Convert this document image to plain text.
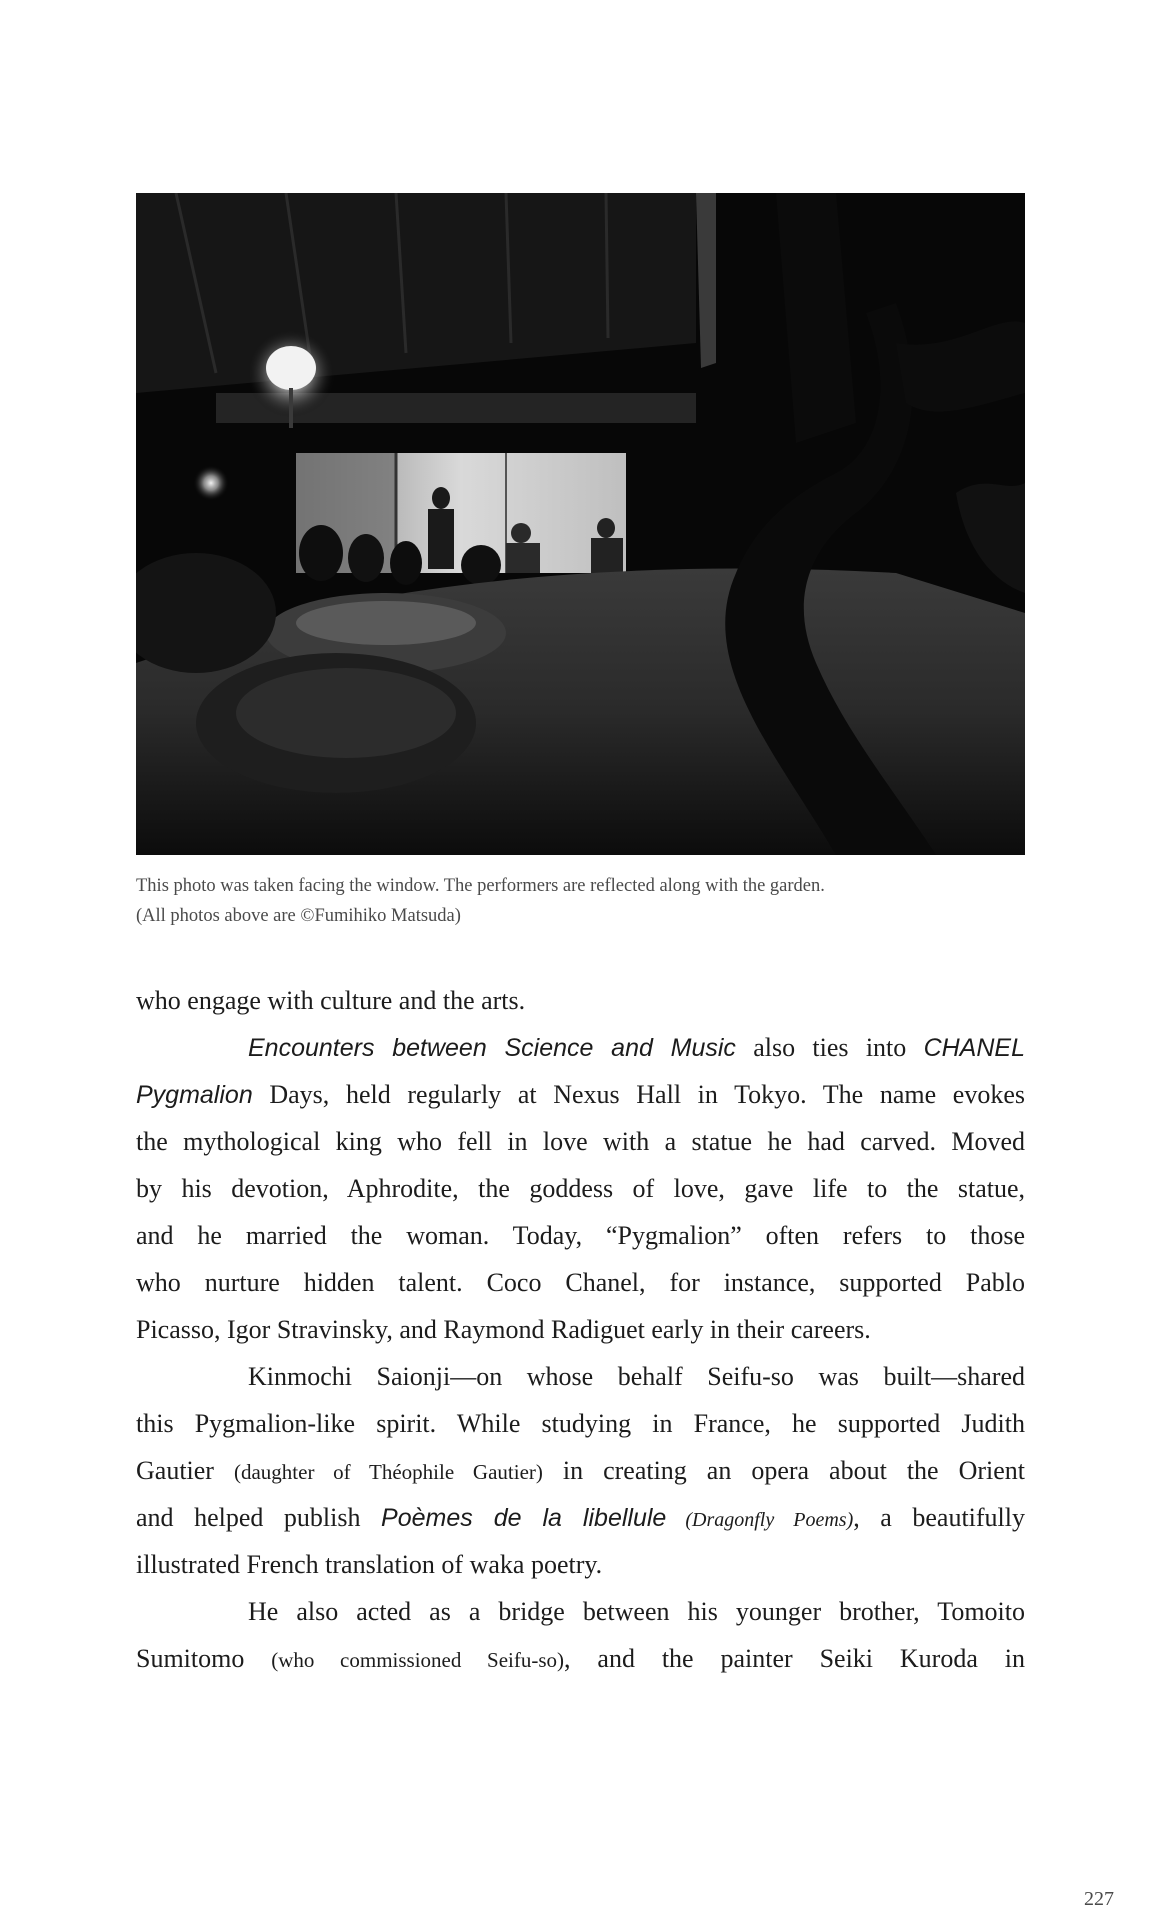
This photo was taken facing the window. The performers are reflected along with the garden.
(All photos above are ©Fumihiko Matsuda)
who engage with culture and the arts.
Encounters between Science and Music also ties into CHANEL
Pygmalion Days, held regularly at Nexus Hall in Tokyo. The name evokes
the mythological king who fell in love with a statue he had carved. Moved
by his devotion, Aphrodite, the goddess of love, gave life to the statue,
and he married the woman. Today, “Pygmalion” often refers to those
who nurture hidden talent. Coco Chanel, for instance, supported Pablo
Picasso, Igor Stravinsky, and Raymond Radiguet early in their careers.
Kinmochi Saionji—on whose behalf Seifu-so was built—shared
this Pygmalion-like spirit. While studying in France, he supported Judith
Gautier (daughter of Théophile Gautier) in creating an opera about the Orient
and helped publish Poèmes de la libellule (Dragonfly Poems), a beautifully
illustrated French translation of waka poetry.
He also acted as a bridge between his younger brother, Tomoito
Sumitomo (who commissioned Seifu-so), and the painter Seiki Kuroda in
227
